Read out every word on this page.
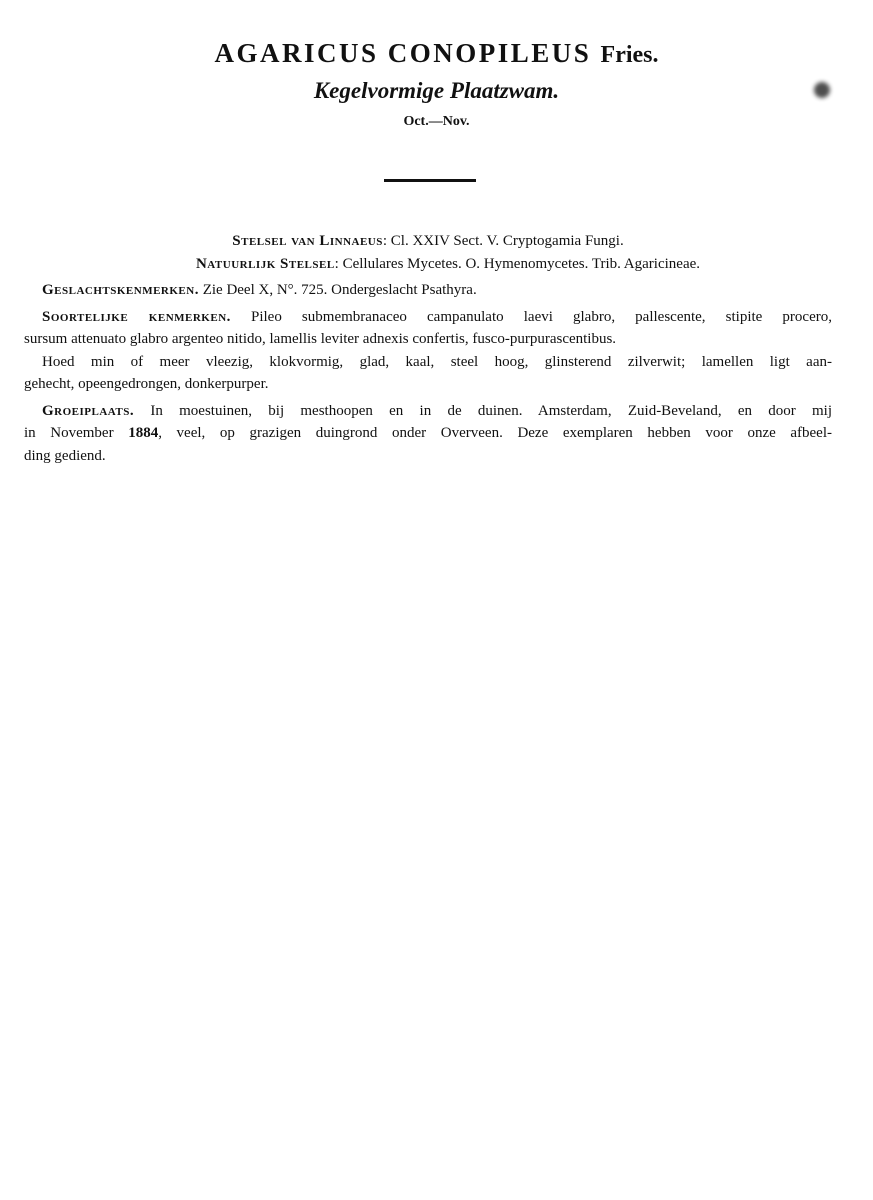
AGARICUS CONOPILEUS Fries.
Kegelvormige Plaatzwam.
Oct.—Nov.
Stelsel van Linnaeus: Cl. XXIV Sect. V. Cryptogamia Fungi.
Natuurlijk Stelsel: Cellulares Mycetes. O. Hymenomycetes. Trib. Agaricineae.
Geslachtskenmerken. Zie Deel X, N°. 725. Ondergeslacht Psathyra.
Soortelijke kenmerken. Pileo submembranaceo campanulato laevi glabro, pallescente, stipite procero,
sursum attenuato glabro argenteo nitido, lamellis leviter adnexis confertis, fusco-purpurascentibus.
Hoed min of meer vleezig, klokvormig, glad, kaal, steel hoog, glinsterend zilverwit; lamellen ligt aan-
gehecht, opeengedrongen, donkerpurper.
Groeiplaats. In moestuinen, bij mesthoopen en in de duinen. Amsterdam, Zuid-Beveland, en door mij
in November 1884, veel, op grazigen duingrond onder Overveen. Deze exemplaren hebben voor onze afbeel-
ding gediend.
